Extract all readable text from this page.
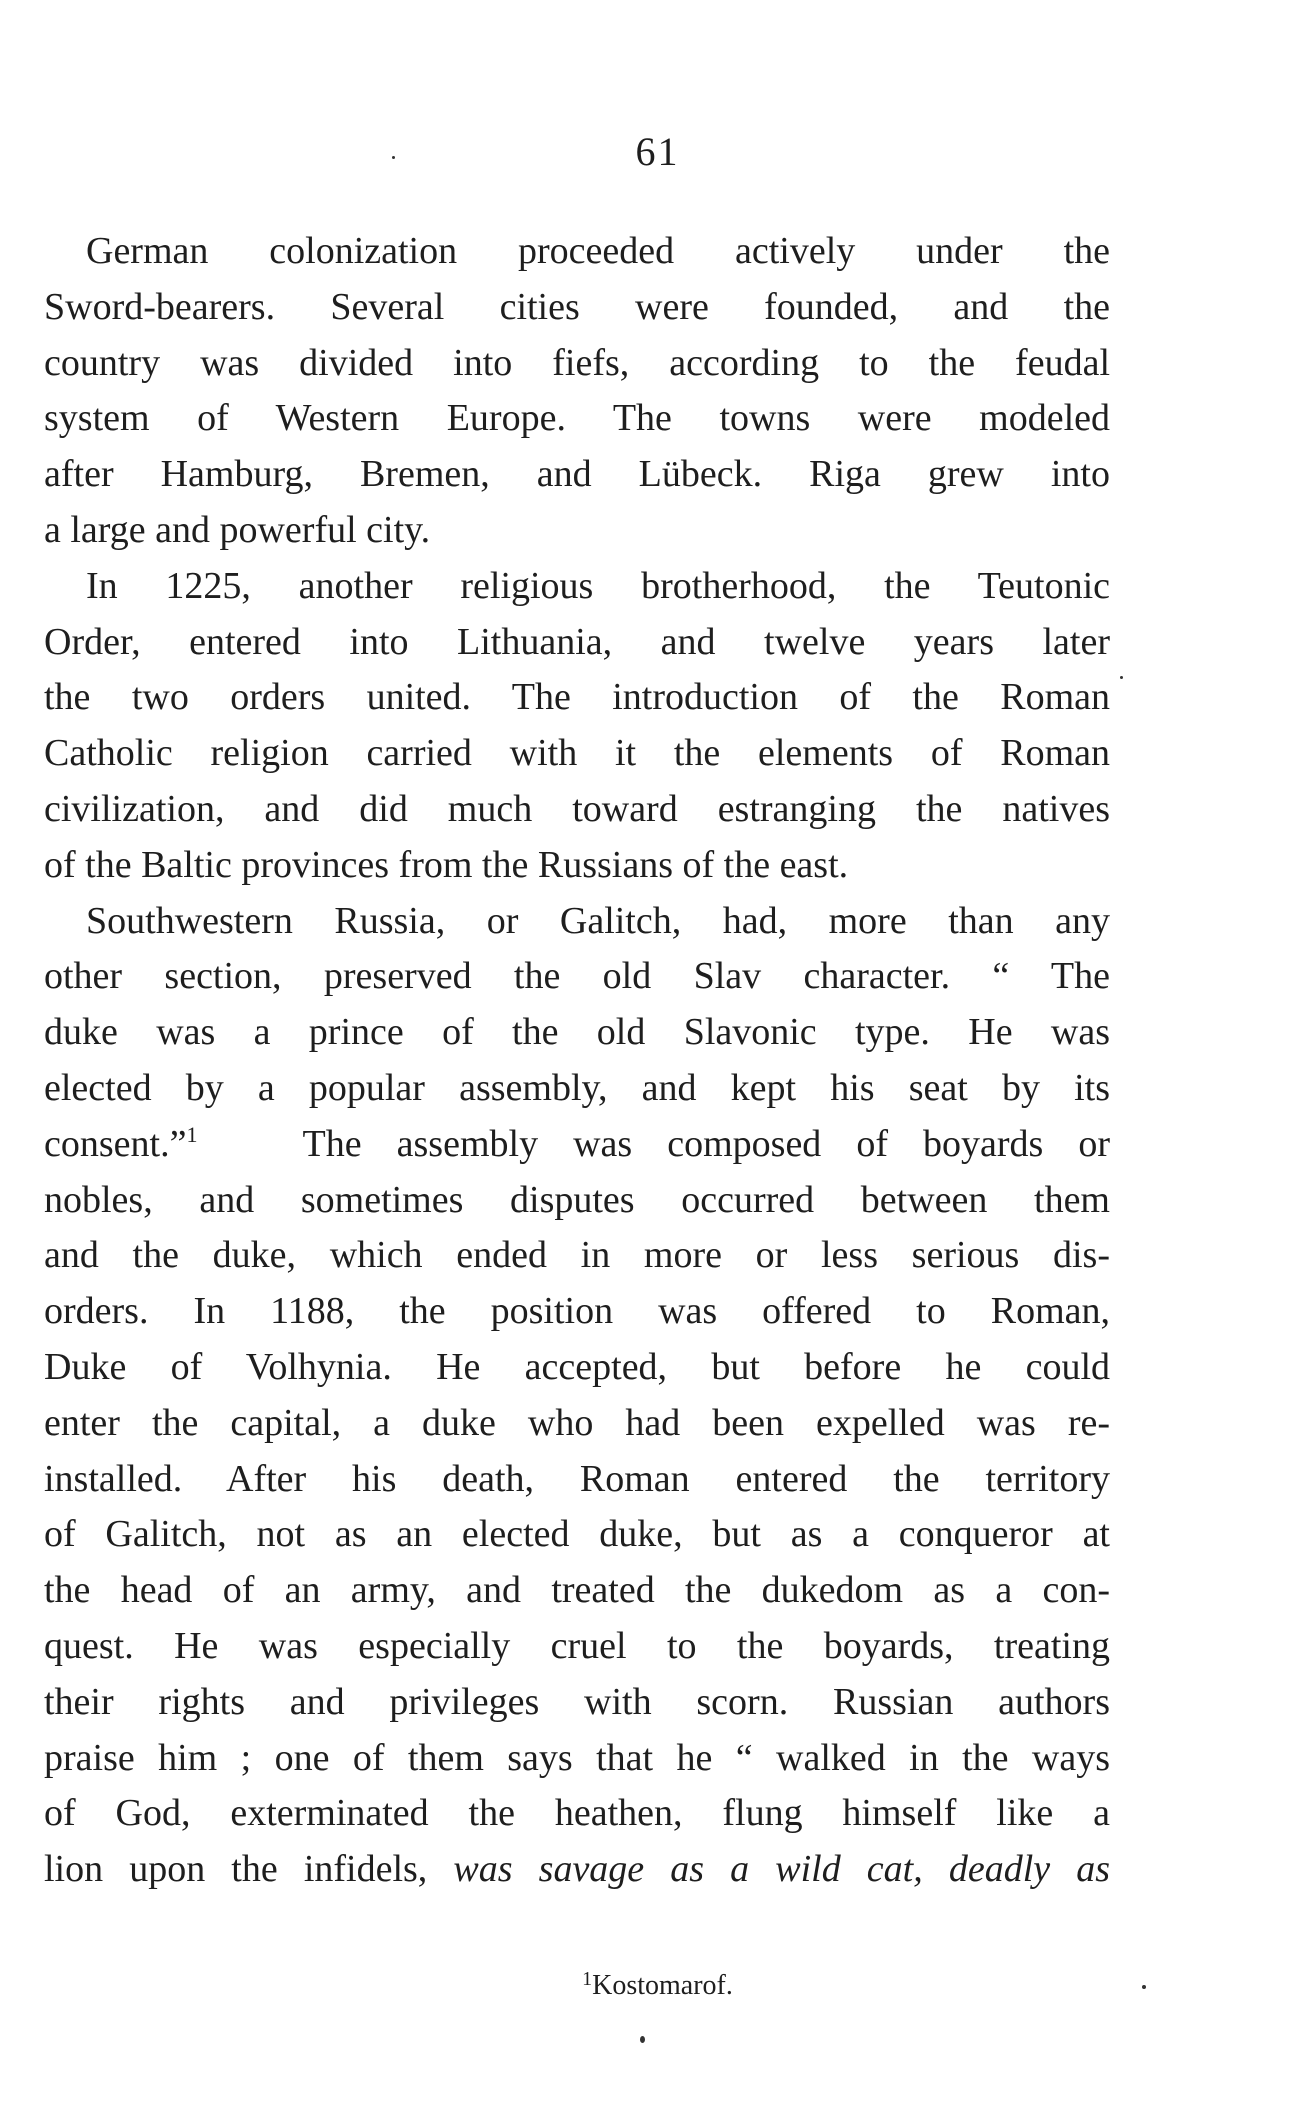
61
German colonization proceeded actively under the
Sword-bearers. Several cities were founded, and the
country was divided into fiefs, according to the feudal
system of Western Europe. The towns were modeled
after Hamburg, Bremen, and Lübeck. Riga grew into
a large and powerful city.
In 1225, another religious brotherhood, the Teutonic
Order, entered into Lithuania, and twelve years later
the two orders united. The introduction of the Roman
Catholic religion carried with it the elements of Roman
civilization, and did much toward estranging the natives
of the Baltic provinces from the Russians of the east.
Southwestern Russia, or Galitch, had, more than any
other section, preserved the old Slav character. “ The
duke was a prince of the old Slavonic type. He was
elected by a popular assembly, and kept his seat by its
consent.”$^1$	The assembly was composed of boyards or
nobles, and sometimes disputes occurred between them
and the duke, which ended in more or less serious dis-
orders. In 1188, the position was offered to Roman,
Duke of Volhynia. He accepted, but before he could
enter the capital, a duke who had been expelled was re-
installed. After his death, Roman entered the territory
of Galitch, not as an elected duke, but as a conqueror at
the head of an army, and treated the dukedom as a con-
quest. He was especially cruel to the boyards, treating
their rights and privileges with scorn. Russian authors
praise him ; one of them says that he “ walked in the ways
of God, exterminated the heathen, flung himself like a
lion upon the infidels, was savage as a wild cat, deadly as
$^1$Kostomarof.
